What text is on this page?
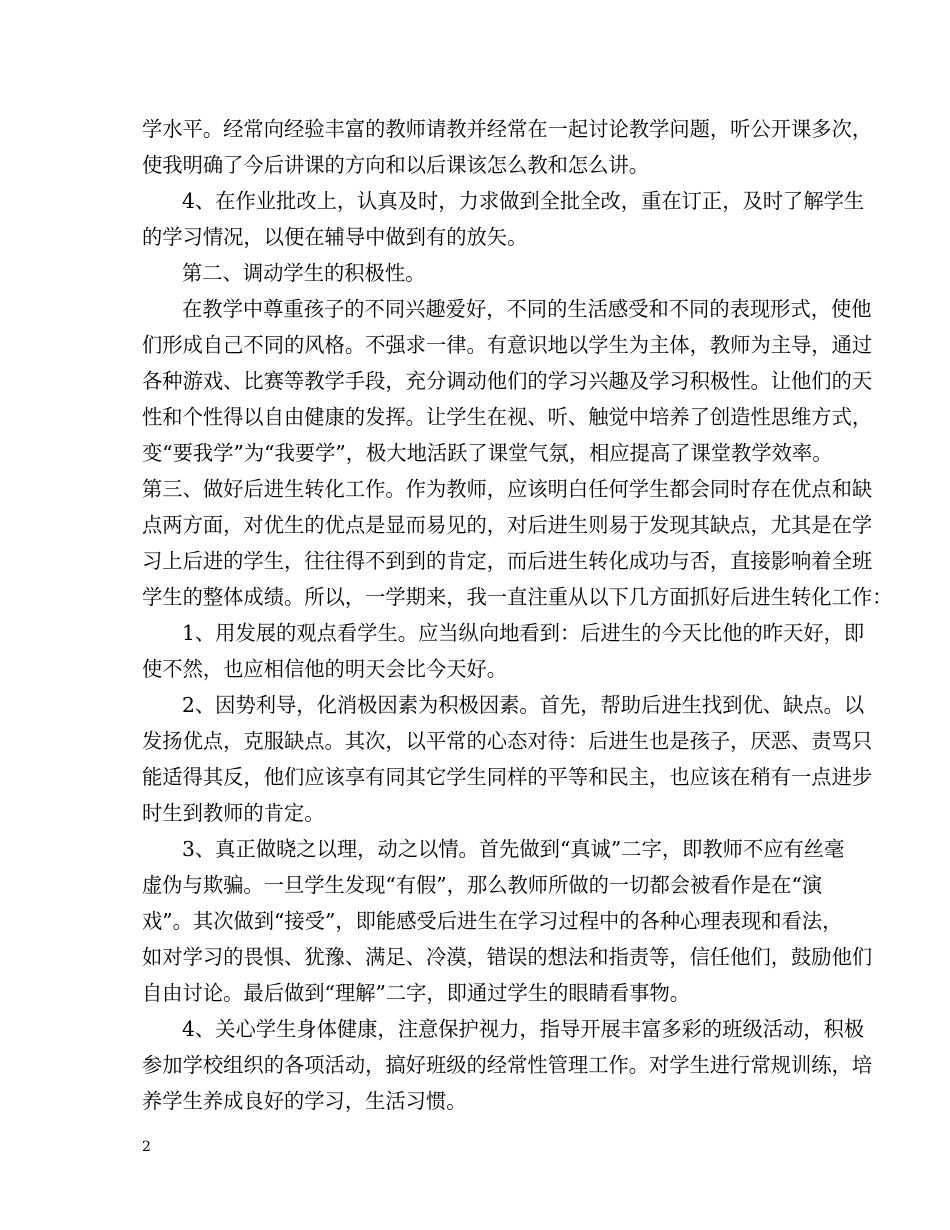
学水平。经常向经验丰富的教师请教并经常在一起讨论教学问题，听公开课多次，
使我明确了今后讲课的方向和以后课该怎么教和怎么讲。
4、在作业批改上，认真及时，力求做到全批全改，重在订正，及时了解学生
的学习情况，以便在辅导中做到有的放矢。
第二、调动学生的积极性。
在教学中尊重孩子的不同兴趣爱好，不同的生活感受和不同的表现形式，使他
们形成自己不同的风格。不强求一律。有意识地以学生为主体，教师为主导，通过
各种游戏、比赛等教学手段，充分调动他们的学习兴趣及学习积极性。让他们的天
性和个性得以自由健康的发挥。让学生在视、听、触觉中培养了创造性思维方式，
变“要我学”为“我要学”，极大地活跃了课堂气氛，相应提高了课堂教学效率。
第三、做好后进生转化工作。作为教师，应该明白任何学生都会同时存在优点和缺
点两方面，对优生的优点是显而易见的，对后进生则易于发现其缺点，尤其是在学
习上后进的学生，往往得不到到的肯定，而后进生转化成功与否，直接影响着全班
学生的整体成绩。所以，一学期来，我一直注重从以下几方面抓好后进生转化工作：
1、用发展的观点看学生。应当纵向地看到：后进生的今天比他的昨天好，即
使不然，也应相信他的明天会比今天好。
2、因势利导，化消极因素为积极因素。首先，帮助后进生找到优、缺点。以
发扬优点，克服缺点。其次，以平常的心态对待：后进生也是孩子，厌恶、责骂只
能适得其反，他们应该享有同其它学生同样的平等和民主，也应该在稍有一点进步
时生到教师的肯定。
3、真正做晓之以理，动之以情。首先做到“真诚”二字，即教师不应有丝毫
虚伪与欺骗。一旦学生发现“有假”，那么教师所做的一切都会被看作是在“演
戏”。其次做到“接受”，即能感受后进生在学习过程中的各种心理表现和看法，
如对学习的畏惧、犹豫、满足、冷漠，错误的想法和指责等，信任他们，鼓励他们
自由讨论。最后做到“理解”二字，即通过学生的眼睛看事物。
4、关心学生身体健康，注意保护视力，指导开展丰富多彩的班级活动，积极
参加学校组织的各项活动，搞好班级的经常性管理工作。对学生进行常规训练，培
养学生养成良好的学习，生活习惯。
2
